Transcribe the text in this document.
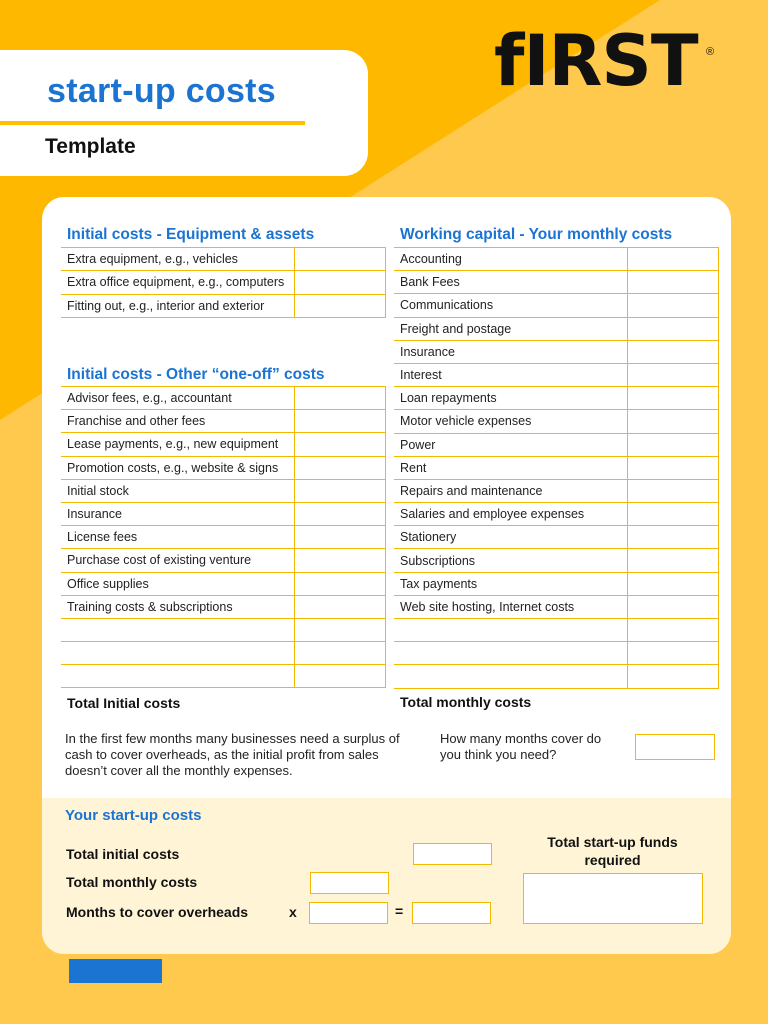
start-up costs
Template
fIRST ®
Initial costs - Equipment & assets
Extra equipment, e.g., vehicles	
Extra office equipment, e.g., computers	
Fitting out, e.g., interior and exterior	
Initial costs - Other “one-off” costs
Advisor fees, e.g., accountant	
Franchise and other fees	
Lease payments, e.g., new equipment	
Promotion costs, e.g., website & signs	
Initial stock	
Insurance	
License fees	
Purchase cost of existing venture	
Office supplies	
Training costs & subscriptions	

Total Initial costs
Working capital - Your monthly costs
Accounting	
Bank Fees	
Communications	
Freight and postage	
Insurance	
Interest	
Loan repayments	
Motor vehicle expenses	
Power	
Rent	
Repairs and maintenance	
Salaries and employee expenses	
Stationery	
Subscriptions	
Tax payments	
Web site hosting, Internet costs	

Total monthly costs
In the first few months many businesses need a surplus of cash to cover overheads, as the initial profit from sales doesn’t cover all the monthly expenses.
How many months cover do you think you need?
Your start-up costs
Total initial costs
Total monthly costs
Months to cover overheads	x	=
Total start-up funds required
